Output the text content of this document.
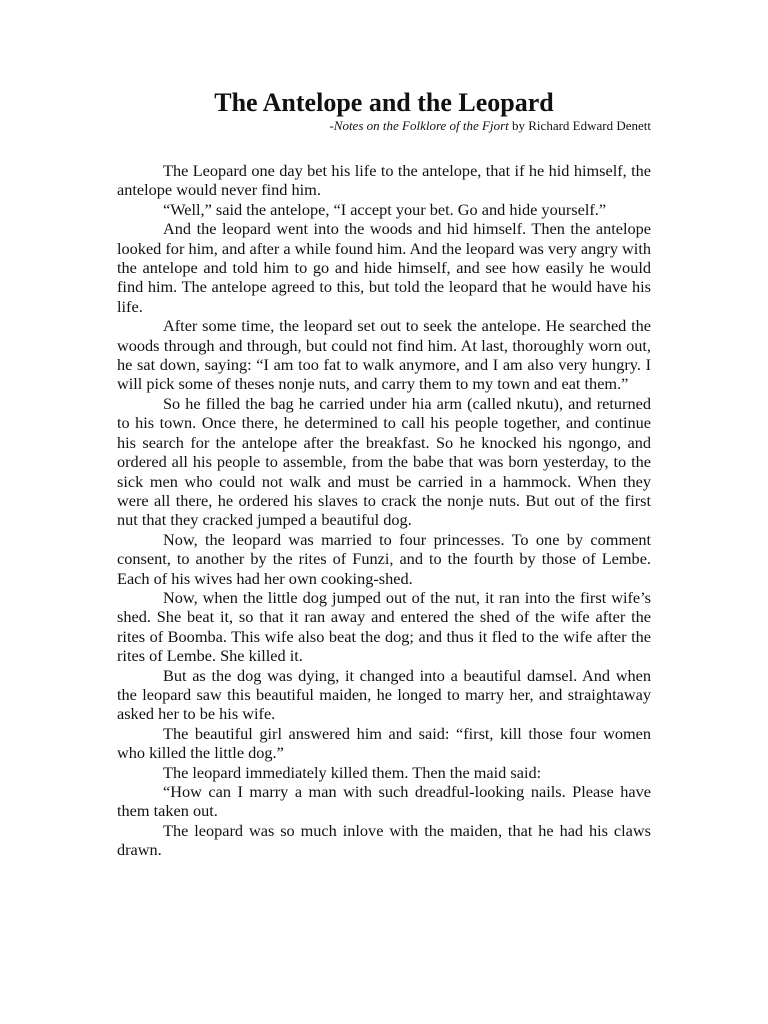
The Antelope and the Leopard
-Notes on the Folklore of the Fjort by Richard Edward Denett

The Leopard one day bet his life to the antelope, that if he hid himself, the antelope would never find him.

“Well,” said the antelope, “I accept your bet. Go and hide yourself.”

And the leopard went into the woods and hid himself. Then the antelope looked for him, and after a while found him. And the leopard was very angry with the antelope and told him to go and hide himself, and see how easily he would find him. The antelope agreed to this, but told the leopard that he would have his life.

After some time, the leopard set out to seek the antelope. He searched the woods through and through, but could not find him. At last, thoroughly worn out, he sat down, saying: “I am too fat to walk anymore, and I am also very hungry. I will pick some of theses nonje nuts, and carry them to my town and eat them.”

So he filled the bag he carried under hia arm (called nkutu), and returned to his town. Once there, he determined to call his people together, and continue his search for the antelope after the breakfast. So he knocked his ngongo, and ordered all his people to assemble, from the babe that was born yesterday, to the sick men who could not walk and must be carried in a hammock. When they were all there, he ordered his slaves to crack the nonje nuts. But out of the first nut that they cracked jumped a beautiful dog.

Now, the leopard was married to four princesses. To one by comment consent, to another by the rites of Funzi, and to the fourth by those of Lembe. Each of his wives had her own cooking-shed.

Now, when the little dog jumped out of the nut, it ran into the first wife’s shed. She beat it, so that it ran away and entered the shed of the wife after the rites of Boomba. This wife also beat the dog; and thus it fled to the wife after the rites of Lembe. She killed it.

But as the dog was dying, it changed into a beautiful damsel. And when the leopard saw this beautiful maiden, he longed to marry her, and straightaway asked her to be his wife.

The beautiful girl answered him and said: “first, kill those four women who killed the little dog.”

The leopard immediately killed them. Then the maid said:

“How can I marry a man with such dreadful-looking nails. Please have them taken out.

The leopard was so much inlove with the maiden, that he had his claws drawn.
